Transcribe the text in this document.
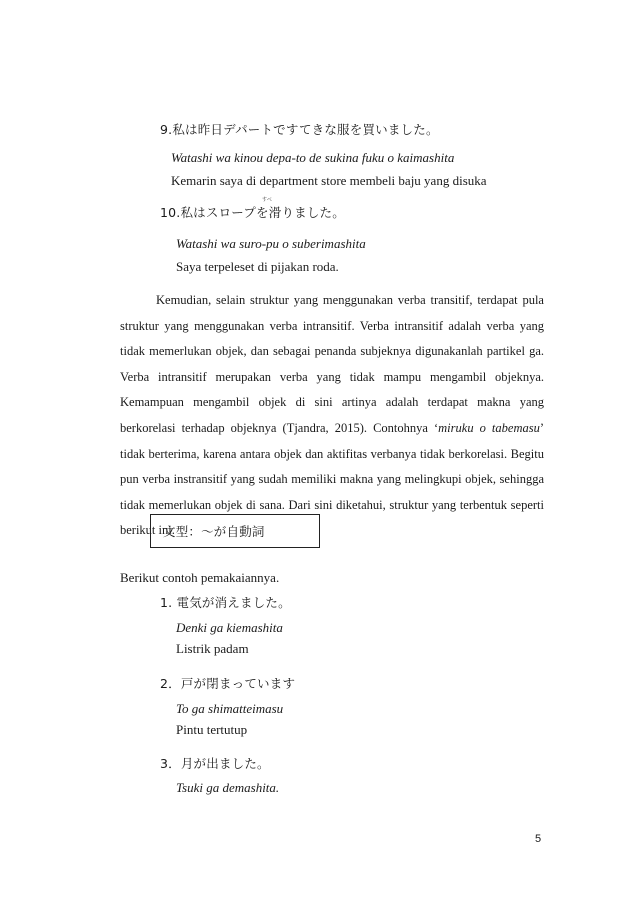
9.私は昨日デパートですてきな服を買いました。
Watashi wa kinou depa-to de sukina fuku o kaimashita
Kemarin saya di department store membeli baju yang disuka
すべ
10.私はスロープを滑りました。
Watashi wa suro-pu o suberimashita
Saya terpeleset di pijakan roda.

Kemudian, selain struktur yang menggunakan verba transitif, terdapat pula struktur yang menggunakan verba intransitif. Verba intransitif adalah verba yang tidak memerlukan objek, dan sebagai penanda subjeknya digunakanlah partikel ga. Verba intransitif merupakan verba yang tidak mampu mengambil objeknya. Kemampuan mengambil objek di sini artinya adalah terdapat makna yang berkorelasi terhadap objeknya (Tjandra, 2015). Contohnya ‘miruku o tabemasu’ tidak berterima, karena antara objek dan aktifitas verbanya tidak berkorelasi. Begitu pun verba instransitif yang sudah memiliki makna yang melingkupi objek, sehingga tidak memerlukan objek di sana. Dari sini diketahui, struktur yang terbentuk seperti berikut ini.

文型：～が自動詞
Berikut contoh pemakaiannya.
1. 電気が消えました。
Denki ga kiemashita
Listrik padam
2．戸が閉まっています
To ga shimatteimasu
Pintu tertutup
3．月が出ました。
Tsuki ga demashita.
5
